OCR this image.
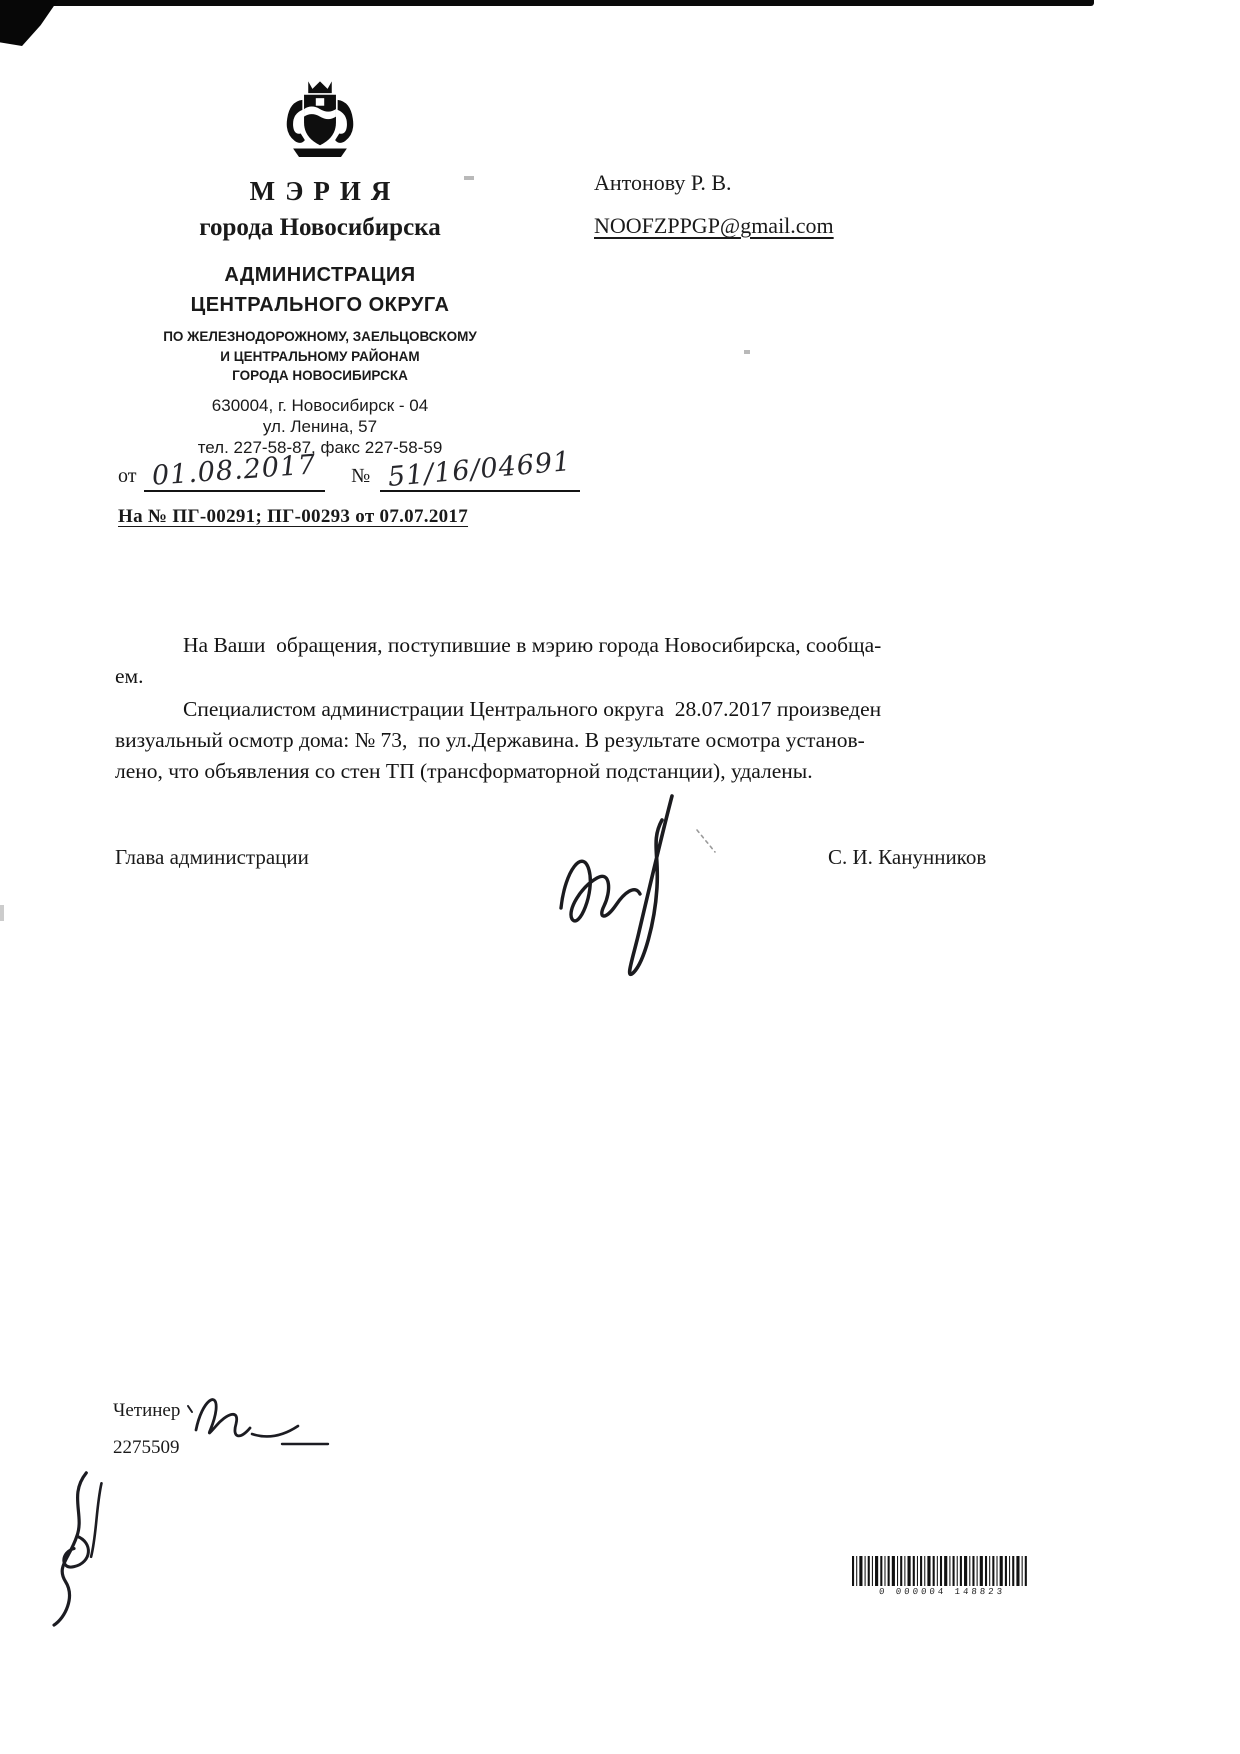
МЭРИЯ
города Новосибирска
АДМИНИСТРАЦИЯ
ЦЕНТРАЛЬНОГО ОКРУГА
ПО ЖЕЛЕЗНОДОРОЖНОМУ, ЗАЕЛЬЦОВСКОМУ
И ЦЕНТРАЛЬНОМУ РАЙОНАМ
ГОРОДА НОВОСИБИРСКА
630004, г. Новосибирск - 04
ул. Ленина, 57
тел. 227-58-87, факс 227-58-59
от 01.08.2017 № 51/16/04691
На № ПГ-00291; ПГ-00293 от 07.07.2017
Антонову Р. В.
NOOFZPPGP@gmail.com
На Ваши  обращения, поступившие в мэрию города Новосибирска, сообща-
ем.
Специалистом администрации Центрального округа  28.07.2017 произведен
визуальный осмотр дома: № 73,  по ул.Державина. В результате осмотра установ-
лено, что объявления со стен ТП (трансформаторной подстанции), удалены.
Глава администрации	С. И. Канунников
Четинер
2275509
0 000004 148823
